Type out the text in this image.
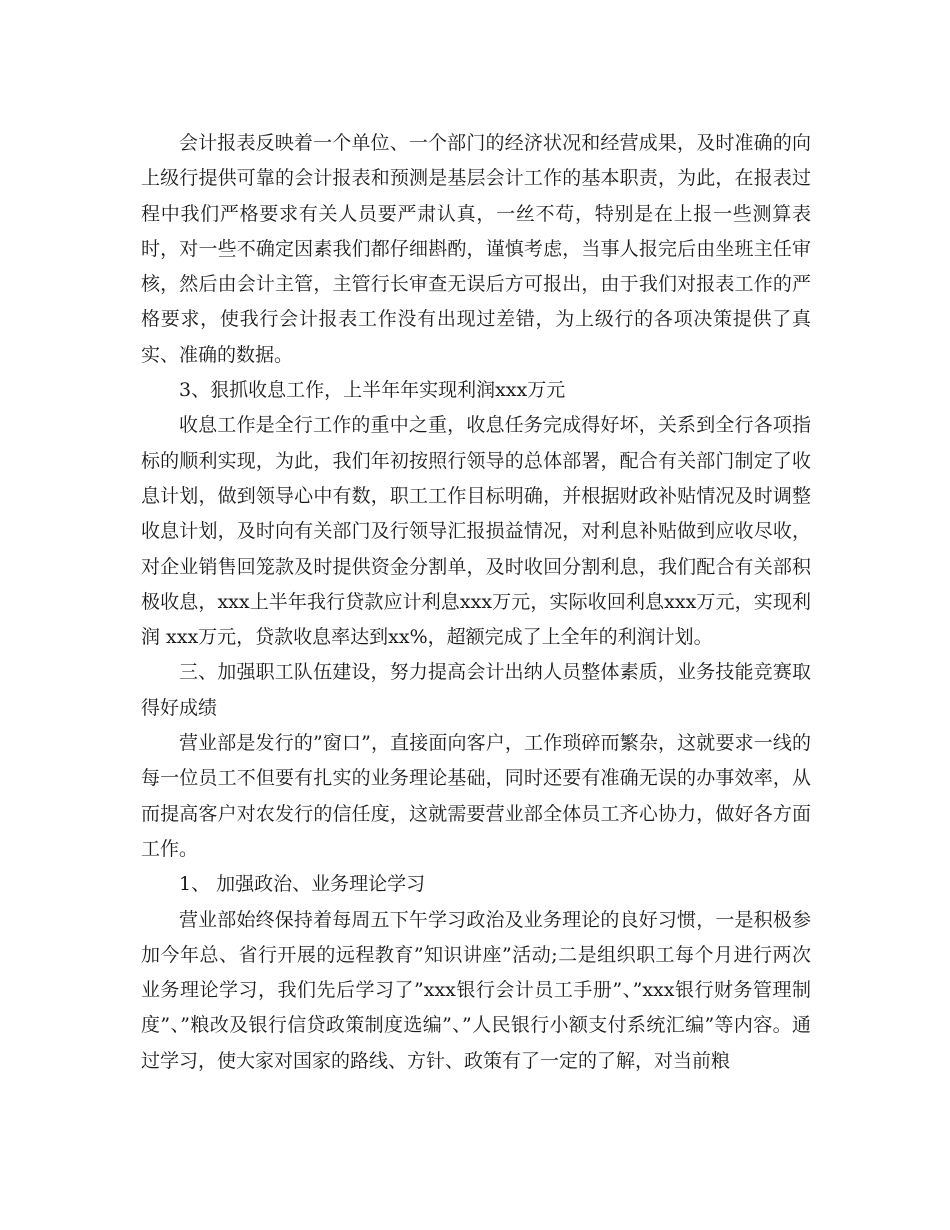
会计报表反映着一个单位、一个部门的经济状况和经营成果，及时准确的向上级行提供可靠的会计报表和预测是基层会计工作的基本职责，为此，在报表过程中我们严格要求有关人员要严肃认真，一丝不苟，特别是在上报一些测算表时，对一些不确定因素我们都仔细斟酌，谨慎考虑，当事人报完后由坐班主任审核，然后由会计主管，主管行长审查无误后方可报出，由于我们对报表工作的严格要求，使我行会计报表工作没有出现过差错，为上级行的各项决策提供了真实、准确的数据。

3、狠抓收息工作，上半年年实现利润xxx万元

收息工作是全行工作的重中之重，收息任务完成得好坏，关系到全行各项指标的顺利实现，为此，我们年初按照行领导的总体部署，配合有关部门制定了收息计划，做到领导心中有数，职工工作目标明确，并根据财政补贴情况及时调整收息计划，及时向有关部门及行领导汇报损益情况，对利息补贴做到应收尽收，对企业销售回笼款及时提供资金分割单，及时收回分割利息，我们配合有关部积极收息，xxx上半年我行贷款应计利息xxx万元，实际收回利息xxx万元，实现利润 xxx万元，贷款收息率达到xx%，超额完成了上全年的利润计划。

三、加强职工队伍建设，努力提高会计出纳人员整体素质，业务技能竞赛取得好成绩

营业部是发行的”窗口”，直接面向客户，工作琐碎而繁杂，这就要求一线的每一位员工不但要有扎实的业务理论基础，同时还要有准确无误的办事效率，从而提高客户对农发行的信任度，这就需要营业部全体员工齐心协力，做好各方面工作。

1、 加强政治、业务理论学习

营业部始终保持着每周五下午学习政治及业务理论的良好习惯，一是积极参加今年总、省行开展的远程教育”知识讲座”活动;二是组织职工每个月进行两次业务理论学习，我们先后学习了”xxx银行会计员工手册”、”xxx银行财务管理制度”、”粮改及银行信贷政策制度选编”、”人民银行小额支付系统汇编”等内容。通过学习，使大家对国家的路线、方针、政策有了一定的了解，对当前粮
